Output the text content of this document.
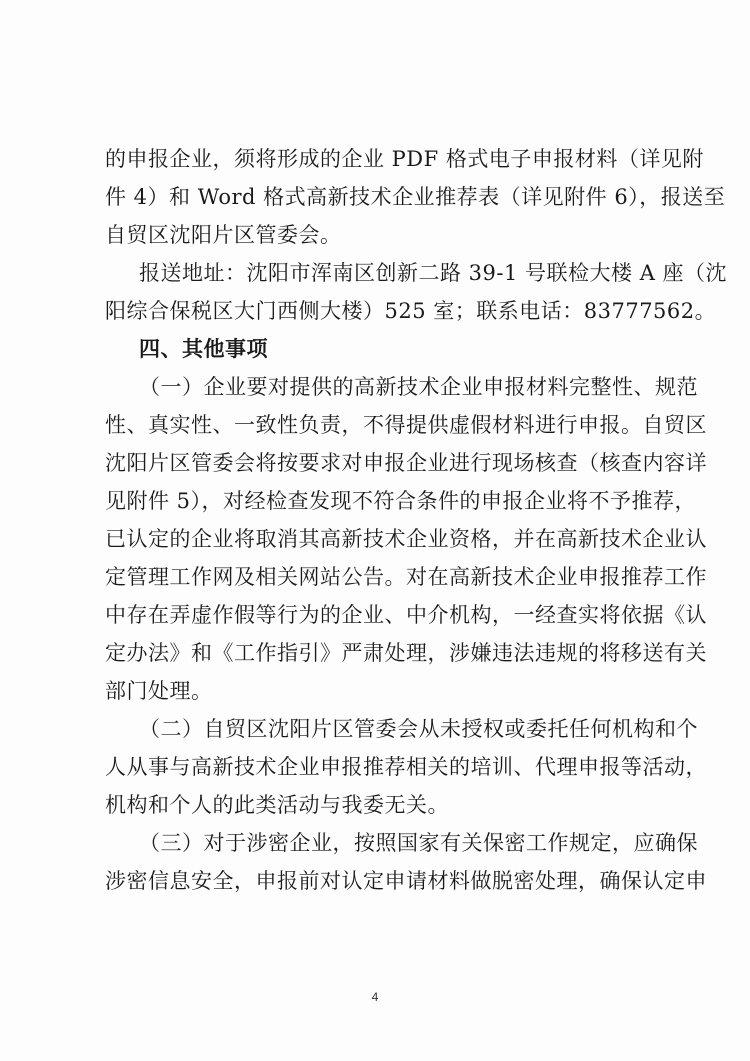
的申报企业，须将形成的企业 PDF 格式电子申报材料（详见附
件 4）和 Word 格式高新技术企业推荐表（详见附件 6），报送至
自贸区沈阳片区管委会。
报送地址：沈阳市浑南区创新二路 39-1 号联检大楼 A 座（沈
阳综合保税区大门西侧大楼）525 室；联系电话：83777562。
四、其他事项
（一）企业要对提供的高新技术企业申报材料完整性、规范
性、真实性、一致性负责，不得提供虚假材料进行申报。自贸区
沈阳片区管委会将按要求对申报企业进行现场核查（核查内容详
见附件 5），对经检查发现不符合条件的申报企业将不予推荐，
已认定的企业将取消其高新技术企业资格，并在高新技术企业认
定管理工作网及相关网站公告。对在高新技术企业申报推荐工作
中存在弄虚作假等行为的企业、中介机构，一经查实将依据《认
定办法》和《工作指引》严肃处理，涉嫌违法违规的将移送有关
部门处理。
（二）自贸区沈阳片区管委会从未授权或委托任何机构和个
人从事与高新技术企业申报推荐相关的培训、代理申报等活动，
机构和个人的此类活动与我委无关。
（三）对于涉密企业，按照国家有关保密工作规定，应确保
涉密信息安全，申报前对认定申请材料做脱密处理，确保认定申
4
